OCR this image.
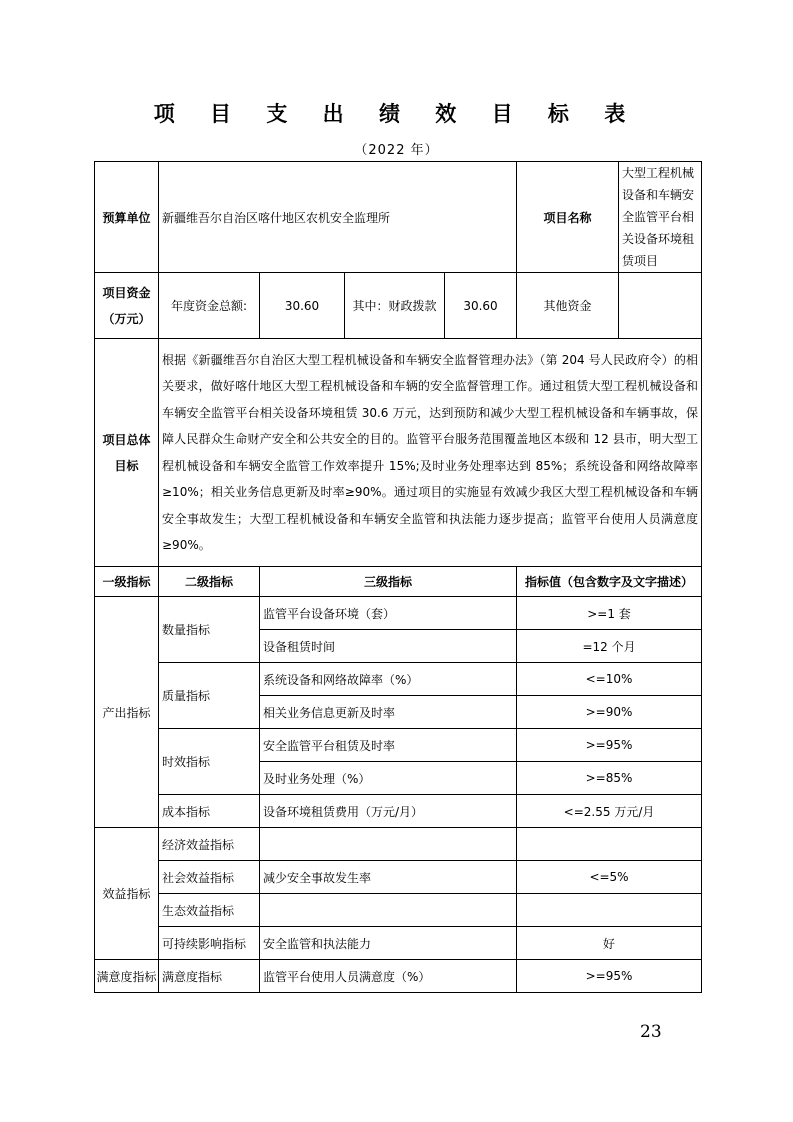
项 目 支 出 绩 效 目 标 表
（2022 年）
预算单位	新疆维吾尔自治区喀什地区农机安全监理所				项目名称	大型工程机械设备和车辆安全监管平台相关设备环境租赁项目
项目资金
（万元）	年度资金总额:	30.60	其中：财政拨款	30.60	其他资金	
项目总体目标	根据《新疆维吾尔自治区大型工程机械设备和车辆安全监督管理办法》（第 204 号人民政府令）的相关要求，做好喀什地区大型工程机械设备和车辆的安全监督管理工作。通过租赁大型工程机械设备和车辆安全监管平台相关设备环境租赁 30.6 万元，达到预防和减少大型工程机械设备和车辆事故，保障人民群众生命财产安全和公共安全的目的。监管平台服务范围覆盖地区本级和 12 县市，明大型工程机械设备和车辆安全监管工作效率提升 15%;及时业务处理率达到 85%；系统设备和网络故障率≥10%；相关业务信息更新及时率≥90%。通过项目的实施显有效减少我区大型工程机械设备和车辆安全事故发生；大型工程机械设备和车辆安全监管和执法能力逐步提高；监管平台使用人员满意度≥90%。					
一级指标	二级指标	三级指标			指标值（包含数字及文字描述）	
产出指标	数量指标	监管平台设备环境（套）			>=1 套	
		设备租赁时间			=12 个月	
	质量指标	系统设备和网络故障率（%）			<=10%	
		相关业务信息更新及时率			>=90%	
	时效指标	安全监管平台租赁及时率			>=95%	
		及时业务处理（%）			>=85%	
	成本指标	设备环境租赁费用（万元/月）			<=2.55 万元/月	
效益指标	经济效益指标					
	社会效益指标	减少安全事故发生率			<=5%	
	生态效益指标					
	可持续影响指标	安全监管和执法能力			好	
满意度指标	满意度指标	监管平台使用人员满意度（%）			>=95%	
23
